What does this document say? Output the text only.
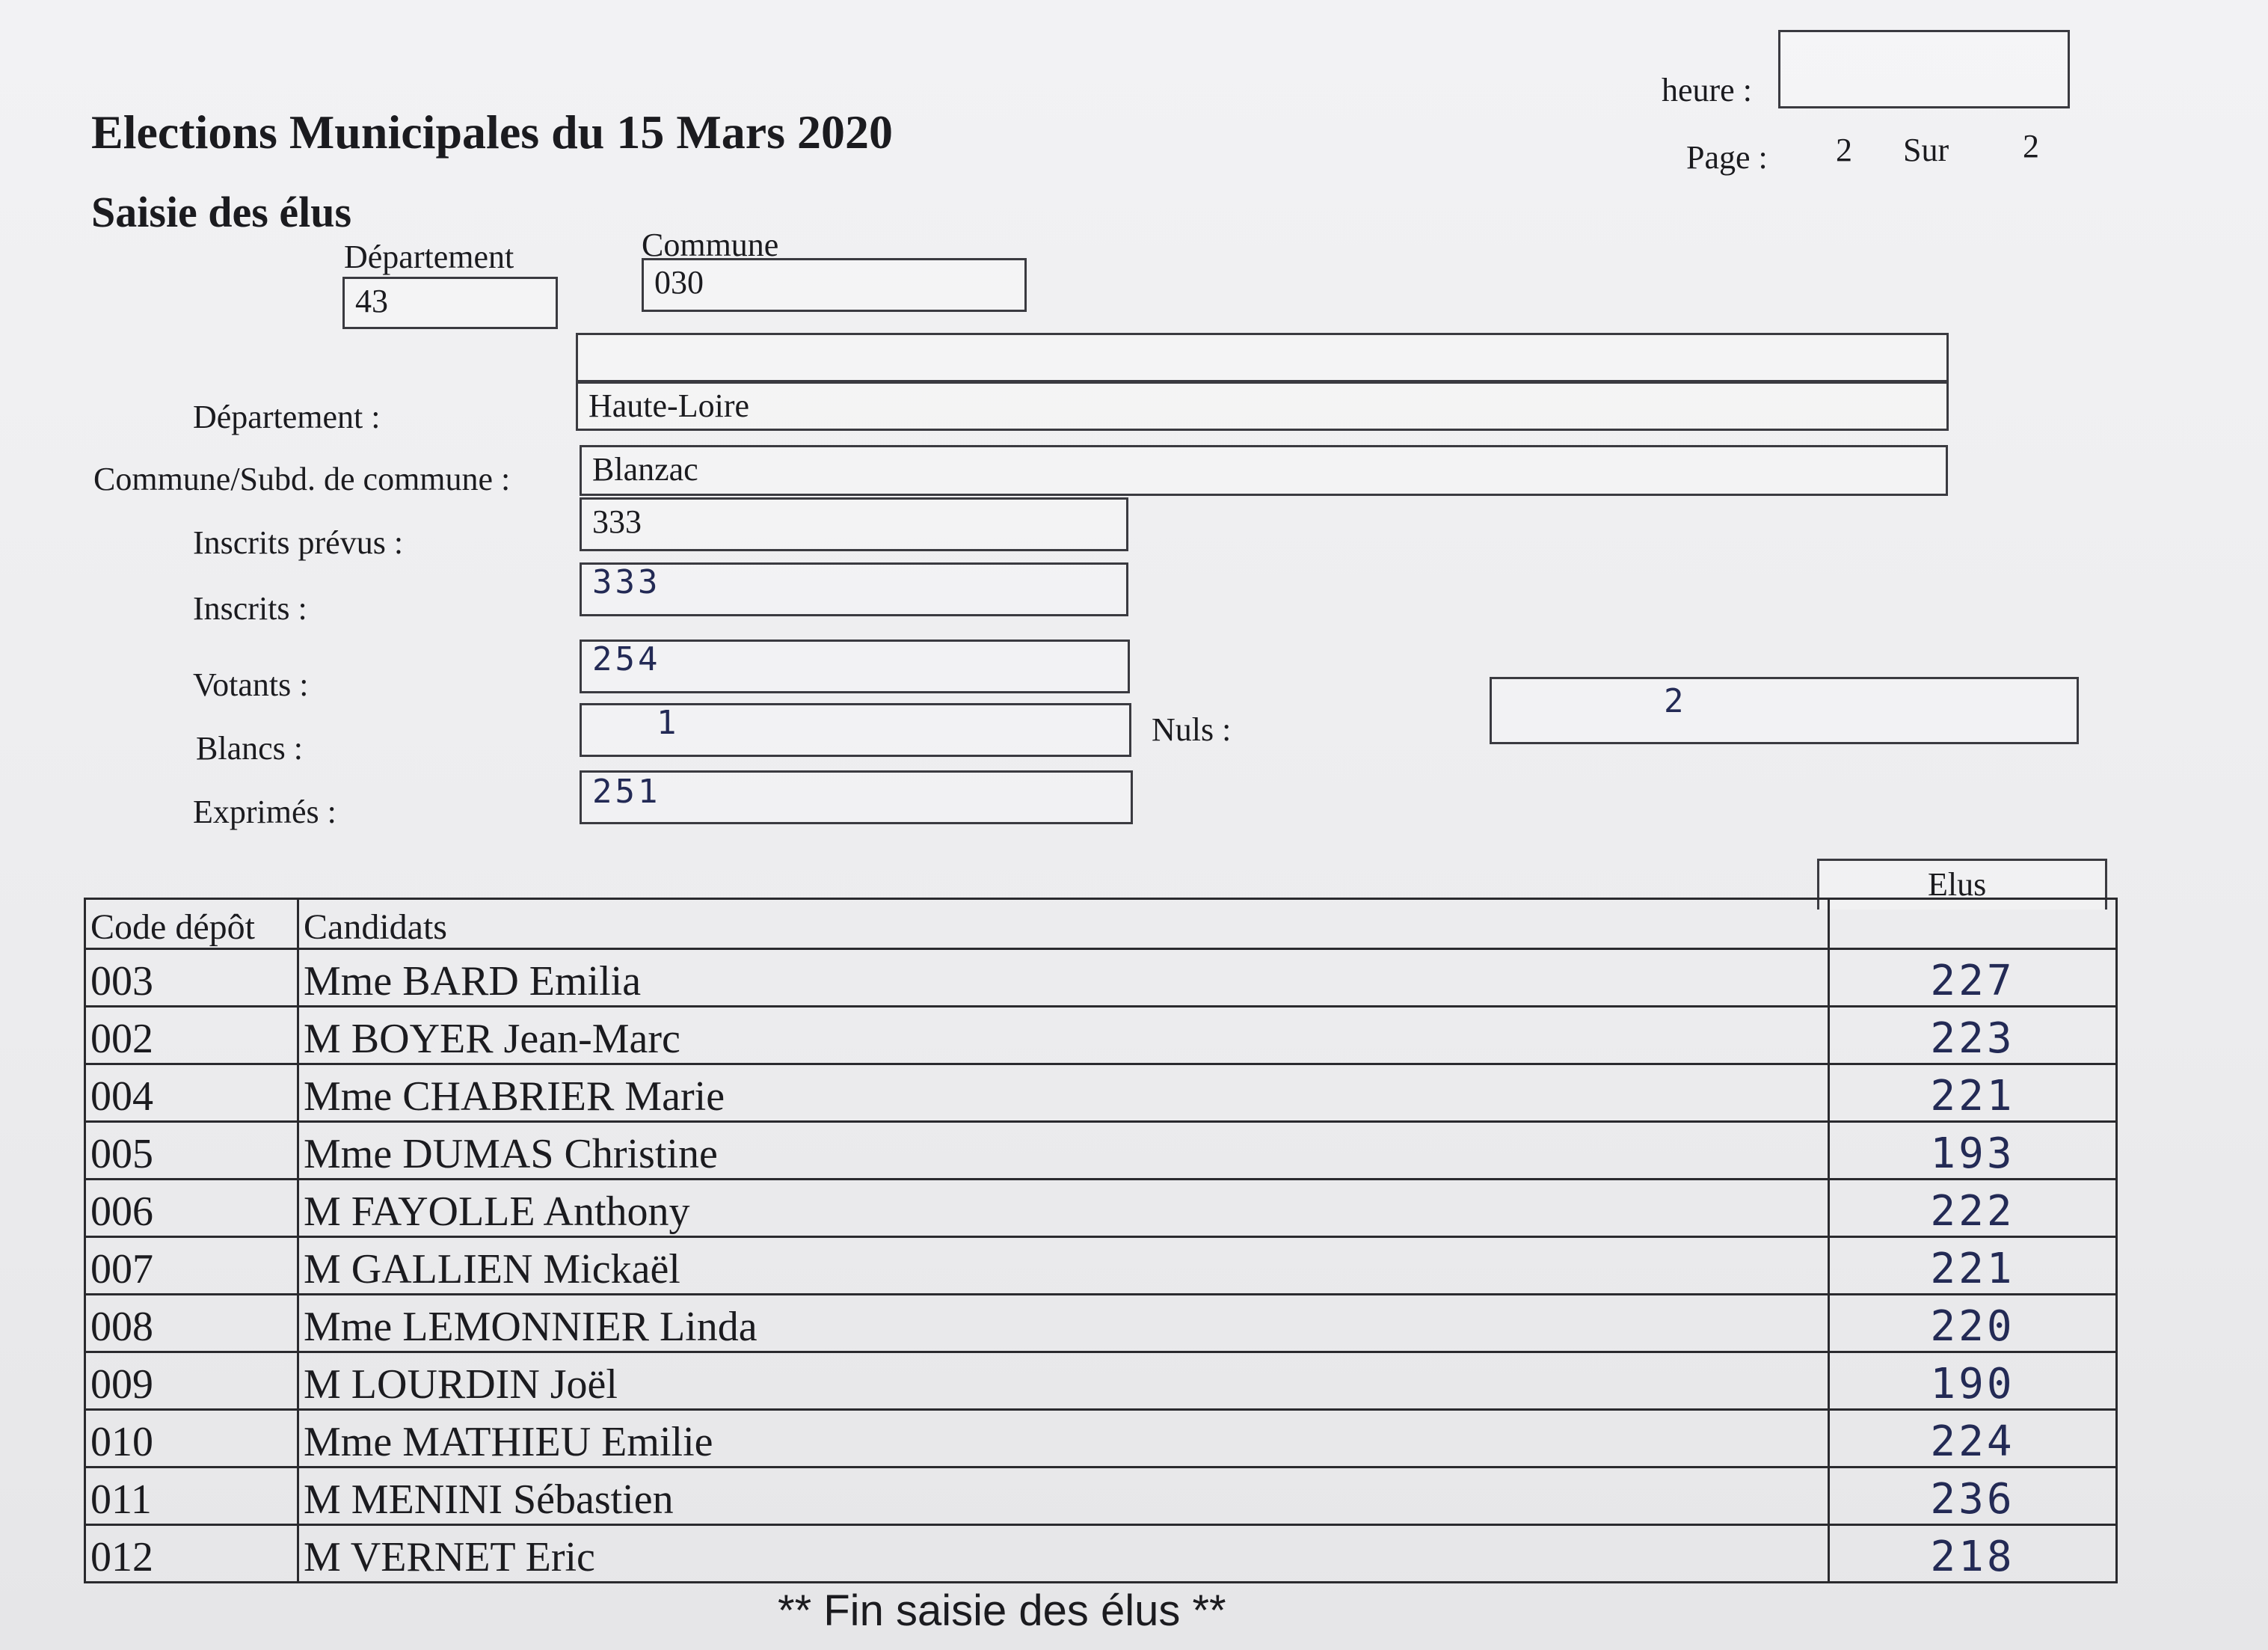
Elections Municipales du 15 Mars 2020
Saisie des élus
heure :
Page : 2 Sur 2
Département
43
Commune
030
Département :	Haute-Loire
Commune/Subd. de commune : Blanzac
Inscrits prévus :
333
Inscrits :
333
Votants :
254
Blancs :
1	Nuls :
2
Exprimés :
251
Elus
Code dépôt	Candidats	
003	Mme BARD Emilia	227
002	M BOYER Jean-Marc	223
004	Mme CHABRIER Marie	221
005	Mme DUMAS Christine	193
006	M FAYOLLE Anthony	222
007	M GALLIEN Mickaël	221
008	Mme LEMONNIER Linda	220
009	M LOURDIN Joël	190
010	Mme MATHIEU Emilie	224
011	M MENINI Sébastien	236
012	M VERNET Eric	218
** Fin saisie des élus **
